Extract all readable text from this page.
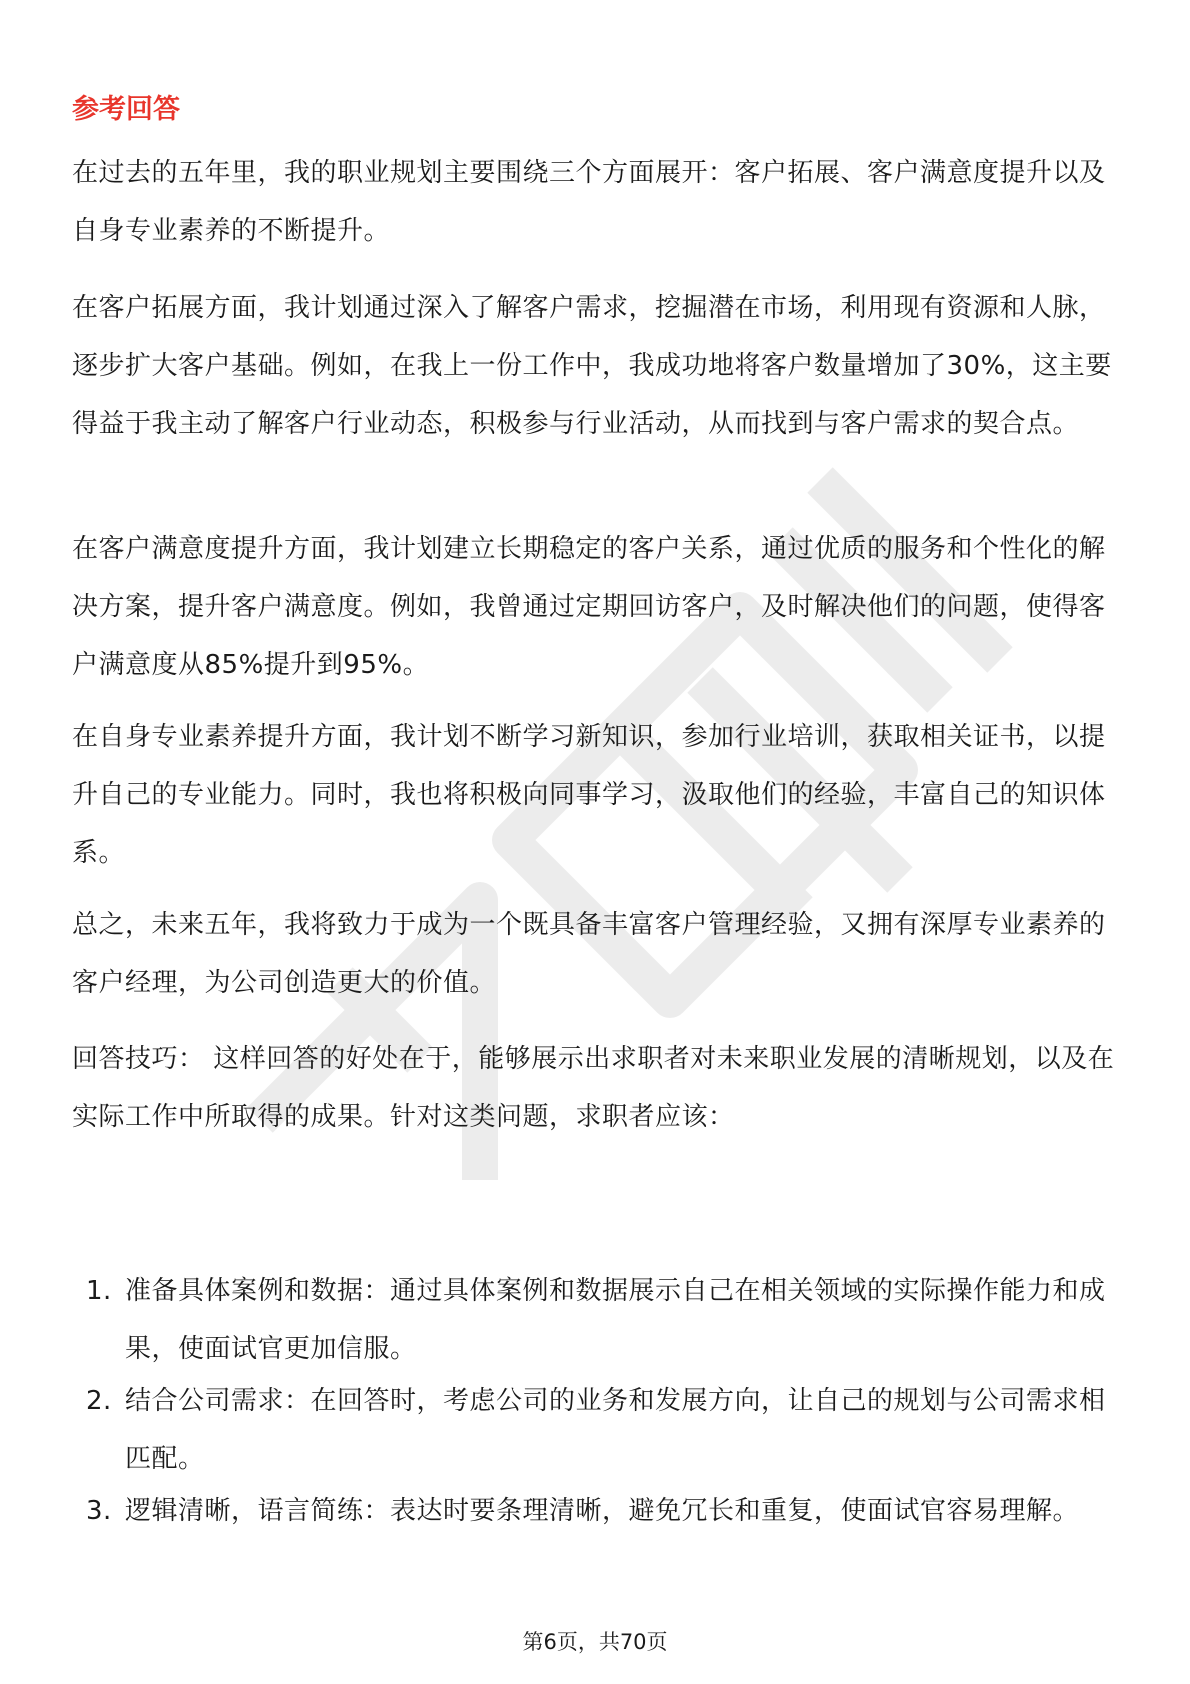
参考回答
在过去的五年里，我的职业规划主要围绕三个方面展开：客户拓展、客户满意度提升以及自身专业素养的不断提升。
在客户拓展方面，我计划通过深入了解客户需求，挖掘潜在市场，利用现有资源和人脉，逐步扩大客户基础。例如，在我上一份工作中，我成功地将客户数量增加了30%，这主要得益于我主动了解客户行业动态，积极参与行业活动，从而找到与客户需求的契合点。
在客户满意度提升方面，我计划建立长期稳定的客户关系，通过优质的服务和个性化的解决方案，提升客户满意度。例如，我曾通过定期回访客户，及时解决他们的问题，使得客户满意度从85%提升到95%。
在自身专业素养提升方面，我计划不断学习新知识，参加行业培训，获取相关证书，以提升自己的专业能力。同时，我也将积极向同事学习，汲取他们的经验，丰富自己的知识体系。
总之，未来五年，我将致力于成为一个既具备丰富客户管理经验，又拥有深厚专业素养的客户经理，为公司创造更大的价值。
回答技巧： 这样回答的好处在于，能够展示出求职者对未来职业发展的清晰规划，以及在实际工作中所取得的成果。针对这类问题，求职者应该：
1. 准备具体案例和数据：通过具体案例和数据展示自己在相关领域的实际操作能力和成果，使面试官更加信服。
2. 结合公司需求：在回答时，考虑公司的业务和发展方向，让自己的规划与公司需求相匹配。
3. 逻辑清晰，语言简练：表达时要条理清晰，避免冗长和重复，使面试官容易理解。
第6页，共70页
